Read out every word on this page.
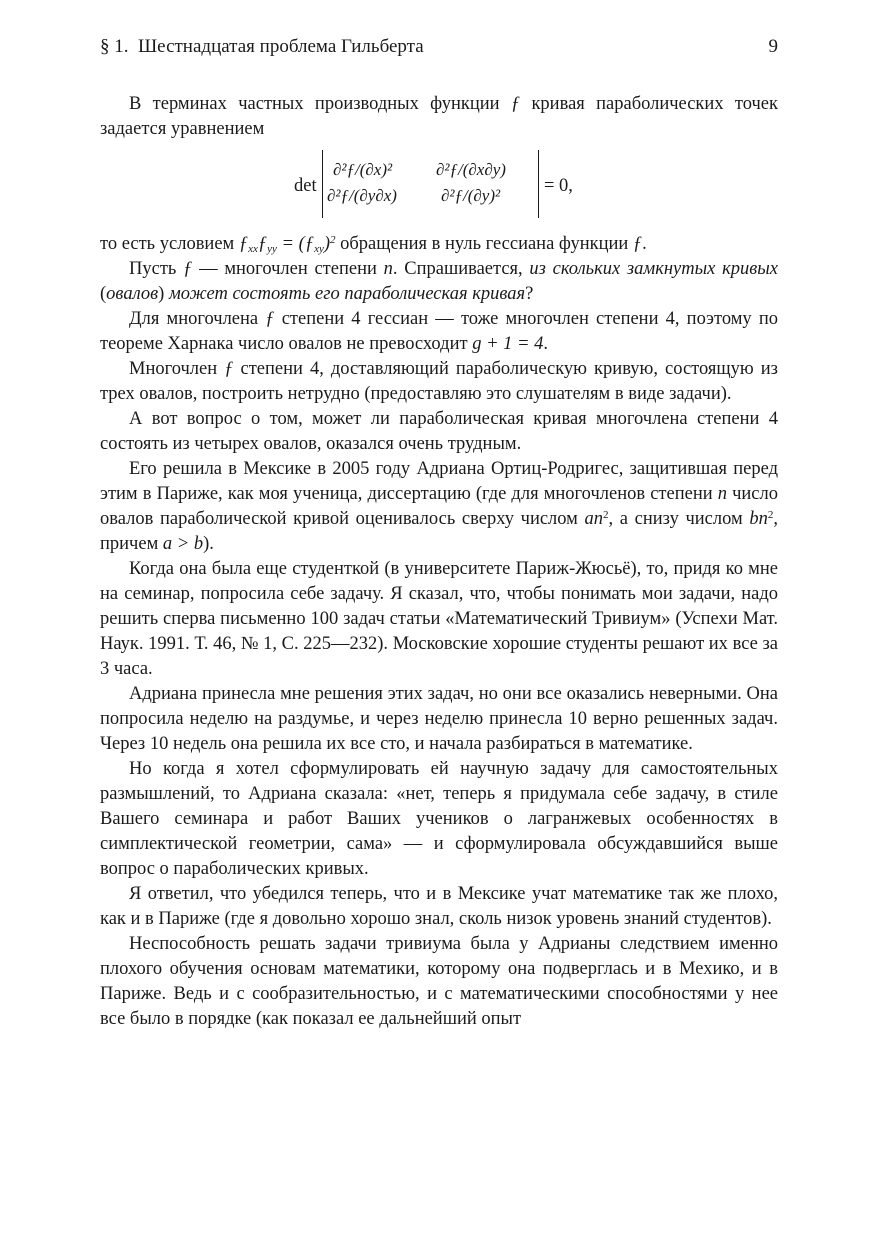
§ 1. Шестнадцатая проблема Гильберта	9

В терминах частных производных функции ƒ кривая параболических точек задается уравнением

det
∂²ƒ/(∂x)²	∂²ƒ/(∂x∂y)
∂²ƒ/(∂y∂x)	∂²ƒ/(∂y)² = 0,

то есть условием $ƒ_{xx}ƒ_{yy}$ = $(ƒ_{xy})^2$ обращения в нуль гессиана функции ƒ.

Пусть ƒ — многочлен степени n. Спрашивается, из скольких замкнутых кривых (овалов) может состоять его параболическая кривая?

Для многочлена ƒ степени 4 гессиан — тоже многочлен степени 4, поэтому по теореме Харнака число овалов не превосходит g + 1 = 4.

Многочлен ƒ степени 4, доставляющий параболическую кривую, состоящую из трех овалов, построить нетрудно (предоставляю это слушателям в виде задачи).

А вот вопрос о том, может ли параболическая кривая многочлена степени 4 состоять из четырех овалов, оказался очень трудным.

Его решила в Мексике в 2005 году Адриана Ортиц-Родригес, защитившая перед этим в Париже, как моя ученица, диссертацию (где для многочленов степени n число овалов параболической кривой оценивалось сверху числом $an^2$, а снизу числом $bn^2$, причем a > b).

Когда она была еще студенткой (в университете Париж-Жюсьё), то, придя ко мне на семинар, попросила себе задачу. Я сказал, что, чтобы понимать мои задачи, надо решить сперва письменно 100 задач статьи «Математический Тривиум» (Успехи Мат. Наук. 1991. Т. 46, № 1, С. 225—232). Московские хорошие студенты решают их все за 3 часа.

Адриана принесла мне решения этих задач, но они все оказались неверными. Она попросила неделю на раздумье, и через неделю принесла 10 верно решенных задач. Через 10 недель она решила их все сто, и начала разбираться в математике.

Но когда я хотел сформулировать ей научную задачу для самостоятельных размышлений, то Адриана сказала: «нет, теперь я придумала себе задачу, в стиле Вашего семинара и работ Ваших учеников о лагранжевых особенностях в симплектической геометрии, сама» — и сформулировала обсуждавшийся выше вопрос о параболических кривых.

Я ответил, что убедился теперь, что и в Мексике учат математике так же плохо, как и в Париже (где я довольно хорошо знал, сколь низок уровень знаний студентов).

Неспособность решать задачи тривиума была у Адрианы следствием именно плохого обучения основам математики, которому она подверглась и в Мехико, и в Париже. Ведь и с сообразительностью, и с математическими способностями у нее все было в порядке (как показал ее дальнейший опыт
